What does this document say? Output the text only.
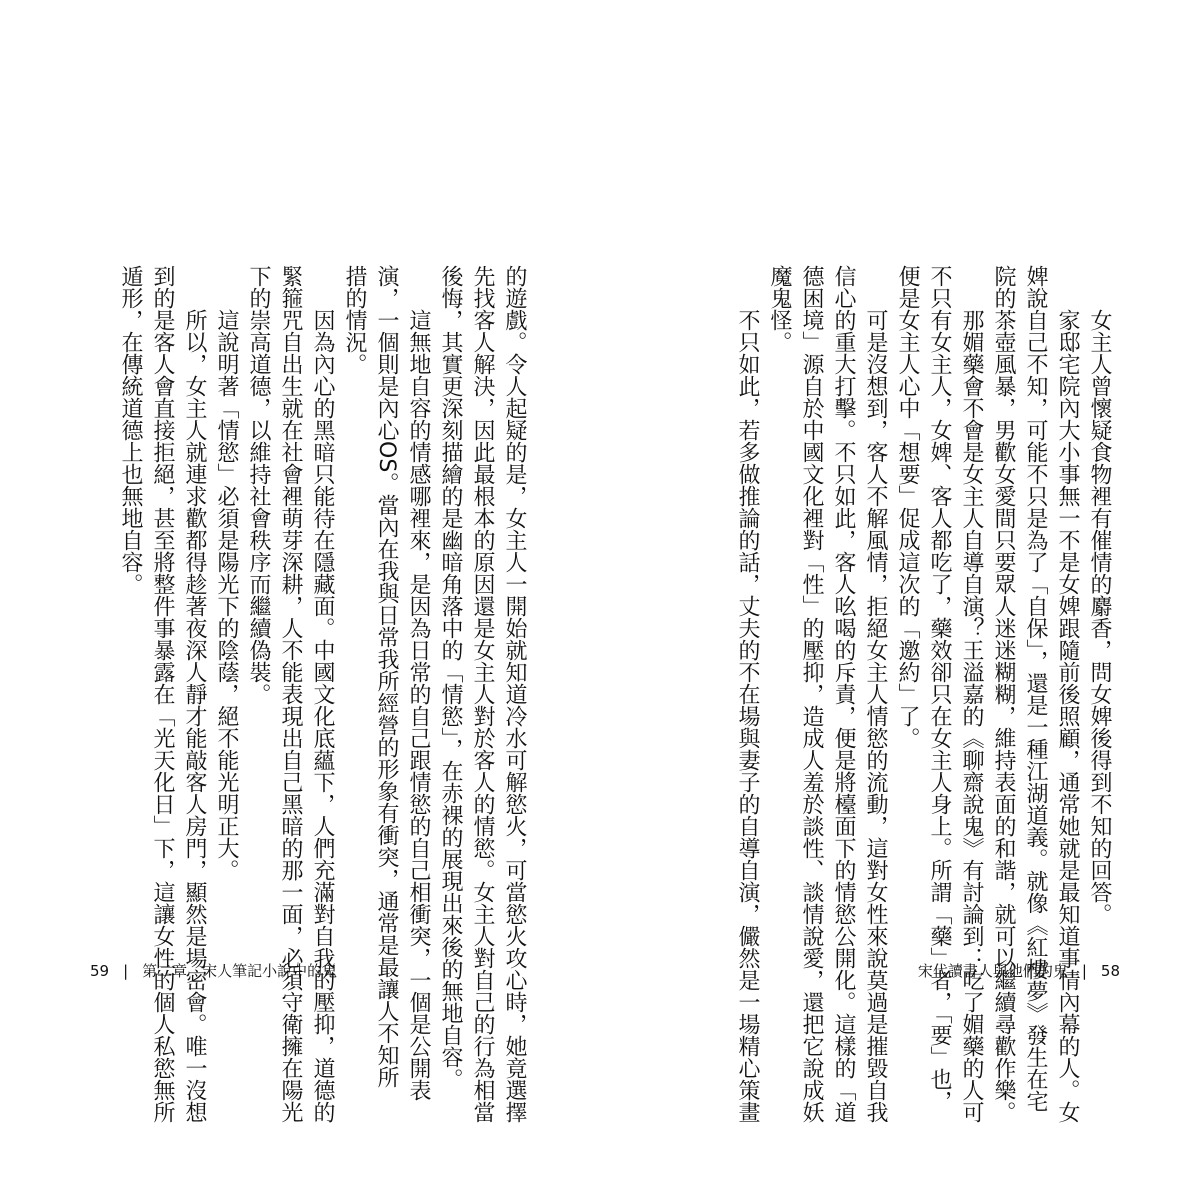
的遊戲。令人起疑的是，女主人一開始就知道冷水可解慾火，可當慾火攻心時，她竟選擇
先找客人解決，因此最根本的原因還是女主人對於客人的情慾。女主人對自己的行為相當
後悔，其實更深刻描繪的是幽暗角落中的「情慾」，在赤裸的展現出來後的無地自容。
這無地自容的情感哪裡來，是因為日常的自己跟情慾的自己相衝突，一個是公開表
演，一個則是內心OS。當內在我與日常我所經營的形象有衝突，通常是最讓人不知所
措的情況。
因為內心的黑暗只能待在隱藏面。中國文化底蘊下，人們充滿對自我的壓抑，道德的
緊箍咒自出生就在社會裡萌芽深耕，人不能表現出自己黑暗的那一面，必須守衛擁在陽光
下的崇高道德，以維持社會秩序而繼續偽裝。
這說明著「情慾」必須是陽光下的陰蔭，絕不能光明正大。
所以，女主人就連求歡都得趁著夜深人靜才能敲客人房門，顯然是場密會。唯一沒想
到的是客人會直接拒絕，甚至將整件事暴露在「光天化日」下，這讓女性的個人私慾無所
遁形，在傳統道德上也無地自容。
59 | 第二章　宋人筆記小說中的鬼
女主人曾懷疑食物裡有催情的麝香，問女婢後得到不知的回答。
家邸宅院內大小事無一不是女婢跟隨前後照顧，通常她就是最知道事情內幕的人。女
婢說自己不知，可能不只是為了「自保」，還是一種江湖道義。就像《紅樓夢》發生在宅
院的茶壺風暴，男歡女愛間只要眾人迷迷糊糊，維持表面的和諧，就可以繼續尋歡作樂。
那媚藥會不會是女主人自導自演？王溢嘉的《聊齋說鬼》有討論到：吃了媚藥的人可
不只有女主人，女婢、客人都吃了，藥效卻只在女主人身上。所謂「藥」者，「要」也，
便是女主人心中「想要」促成這次的「邀約」了。
可是沒想到，客人不解風情，拒絕女主人情慾的流動，這對女性來說莫過是摧毀自我
信心的重大打擊。不只如此，客人吆喝的斥責，便是將檯面下的情慾公開化。這樣的「道
德困境」源自於中國文化裡對「性」的壓抑，造成人羞於談性、談情說愛，還把它說成妖
魔鬼怪。
不只如此，若多做推論的話，丈夫的不在場與妻子的自導自演，儼然是一場精心策畫	宋代讀書人與他們的鬼 | 58
